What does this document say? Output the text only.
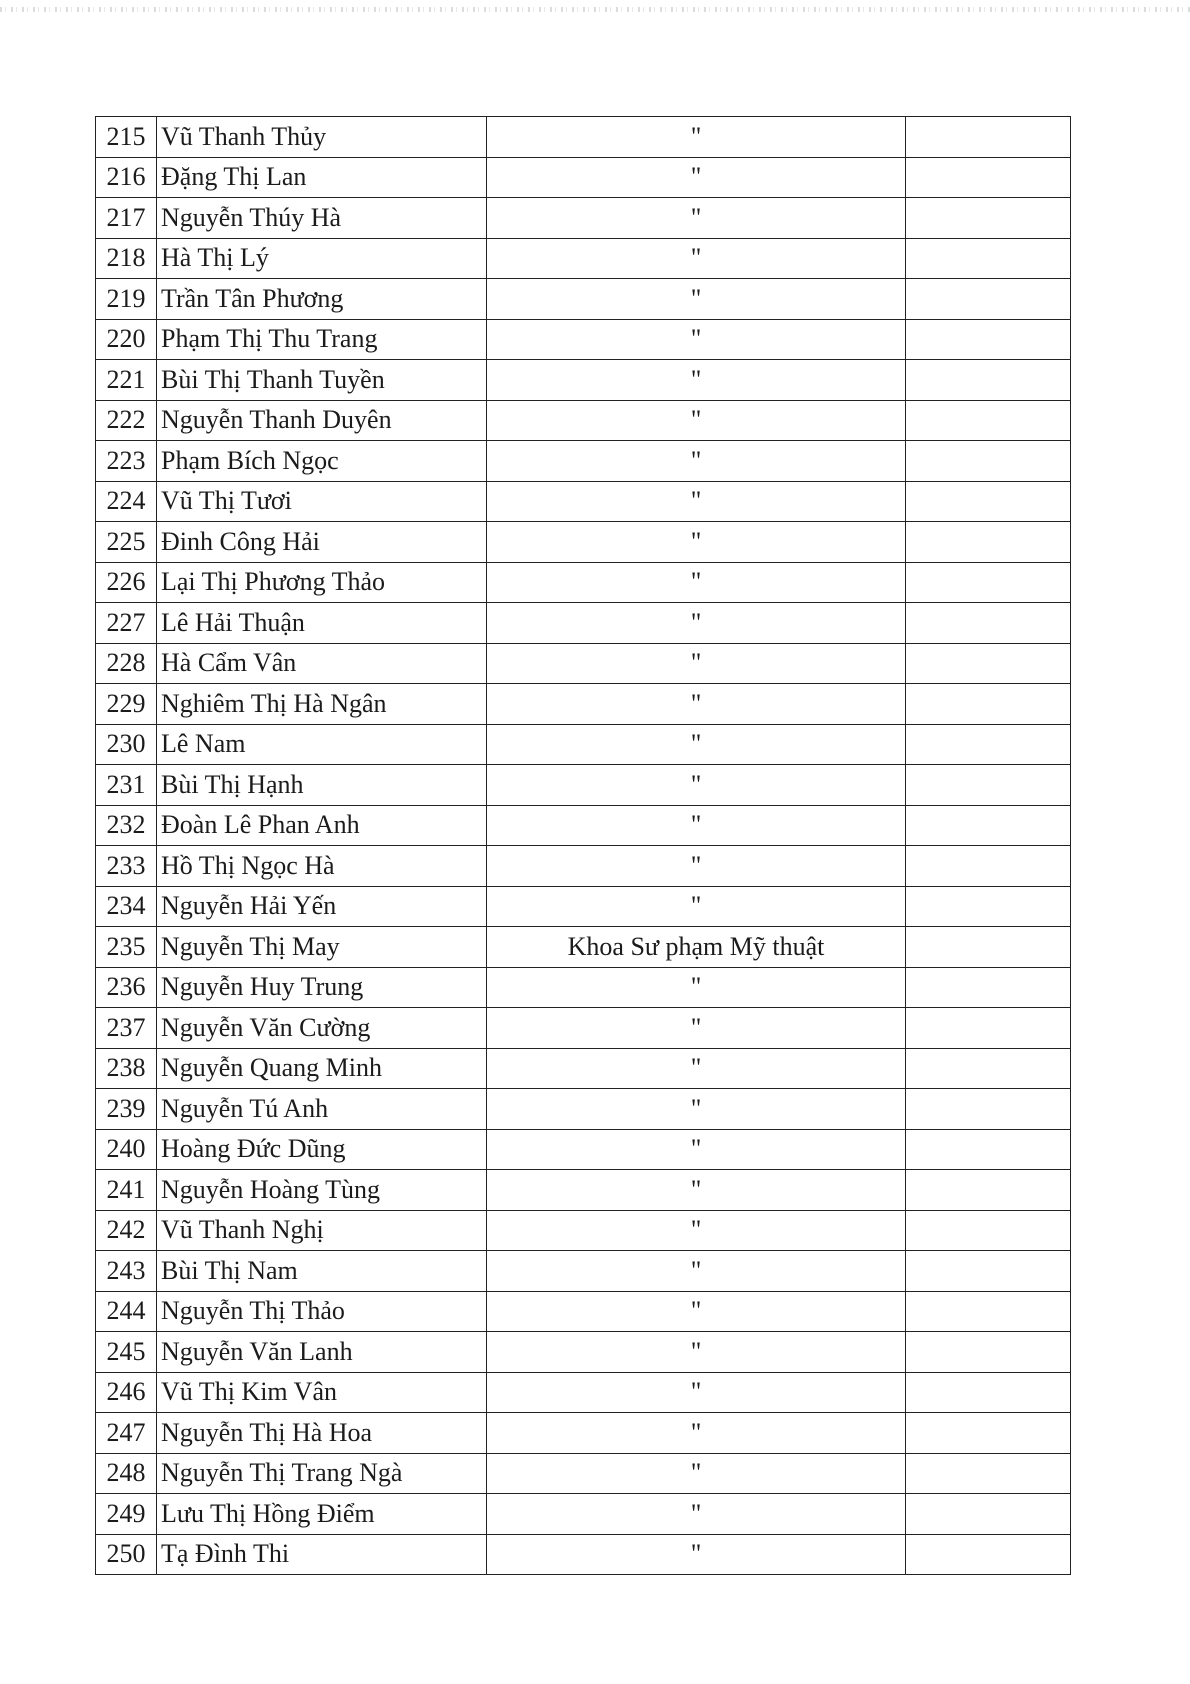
215	Vũ Thanh Thủy	"	
216	Đặng Thị Lan	"	
217	Nguyễn Thúy Hà	"	
218	Hà Thị Lý	"	
219	Trần Tân Phương	"	
220	Phạm Thị Thu Trang	"	
221	Bùi Thị Thanh Tuyền	"	
222	Nguyễn Thanh Duyên	"	
223	Phạm Bích Ngọc	"	
224	Vũ Thị Tươi	"	
225	Đinh Công Hải	"	
226	Lại Thị Phương Thảo	"	
227	Lê Hải Thuận	"	
228	Hà Cẩm Vân	"	
229	Nghiêm Thị Hà Ngân	"	
230	Lê Nam	"	
231	Bùi Thị Hạnh	"	
232	Đoàn Lê Phan Anh	"	
233	Hồ Thị Ngọc Hà	"	
234	Nguyễn Hải Yến	"	
235	Nguyễn Thị May	Khoa Sư phạm Mỹ thuật	
236	Nguyễn Huy Trung	"	
237	Nguyễn Văn Cường	"	
238	Nguyễn Quang Minh	"	
239	Nguyễn Tú Anh	"	
240	Hoàng Đức Dũng	"	
241	Nguyễn Hoàng Tùng	"	
242	Vũ Thanh Nghị	"	
243	Bùi Thị Nam	"	
244	Nguyễn Thị Thảo	"	
245	Nguyễn Văn Lanh	"	
246	Vũ Thị Kim Vân	"	
247	Nguyễn Thị Hà Hoa	"	
248	Nguyễn Thị Trang Ngà	"	
249	Lưu Thị Hồng Điểm	"	
250	Tạ Đình Thi	"	
